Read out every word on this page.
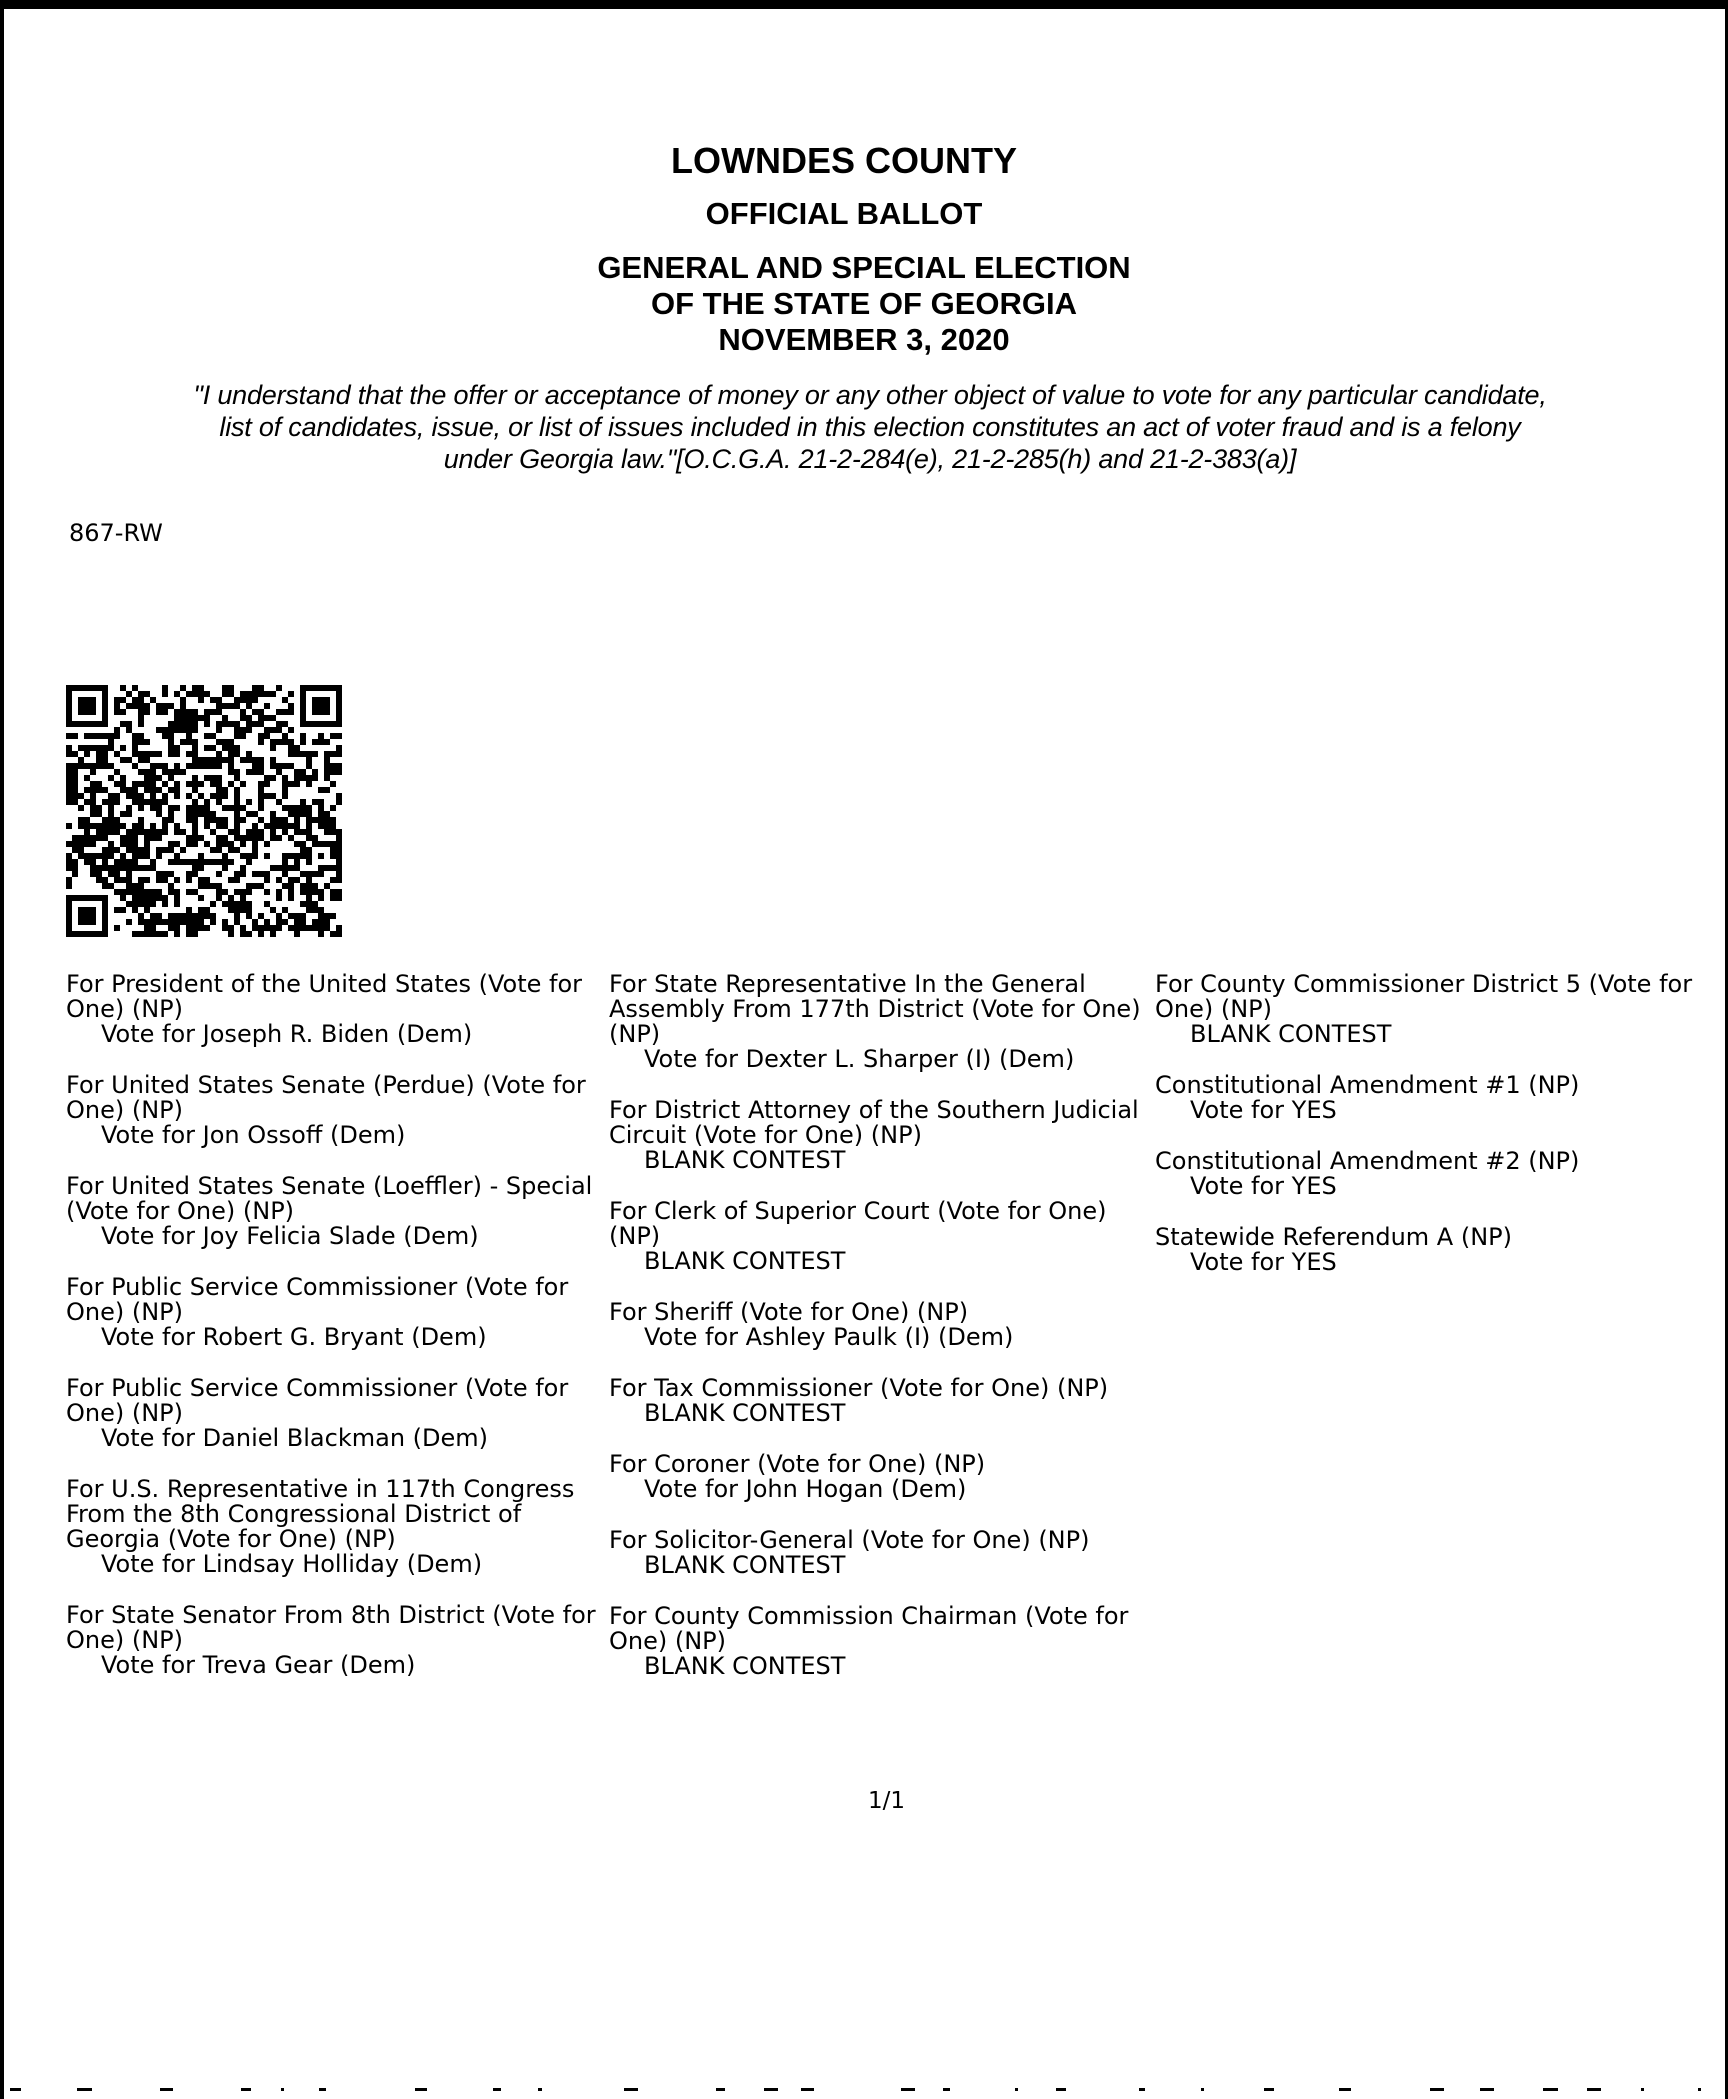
LOWNDES COUNTY
OFFICIAL BALLOT
GENERAL AND SPECIAL ELECTION
OF THE STATE OF GEORGIA
NOVEMBER 3, 2020
"I understand that the offer or acceptance of money or any other object of value to vote for any particular candidate,
list of candidates, issue, or list of issues included in this election constitutes an act of voter fraud and is a felony
under Georgia law."[O.C.G.A. 21-2-284(e), 21-2-285(h) and 21-2-383(a)]
867-RW
For President of the United States (Vote for One) (NP)
Vote for Joseph R. Biden (Dem)
For United States Senate (Perdue) (Vote for One) (NP)
Vote for Jon Ossoff (Dem)
For United States Senate (Loeffler) - Special (Vote for One) (NP)
Vote for Joy Felicia Slade (Dem)
For Public Service Commissioner (Vote for One) (NP)
Vote for Robert G. Bryant (Dem)
For Public Service Commissioner (Vote for One) (NP)
Vote for Daniel Blackman (Dem)
For U.S. Representative in 117th Congress From the 8th Congressional District of Georgia (Vote for One) (NP)
Vote for Lindsay Holliday (Dem)
For State Senator From 8th District (Vote for One) (NP)
Vote for Treva Gear (Dem)
For State Representative In the General Assembly From 177th District (Vote for One) (NP)
Vote for Dexter L. Sharper (I) (Dem)
For District Attorney of the Southern Judicial Circuit (Vote for One) (NP)
BLANK CONTEST
For Clerk of Superior Court (Vote for One) (NP)
BLANK CONTEST
For Sheriff (Vote for One) (NP)
Vote for Ashley Paulk (I) (Dem)
For Tax Commissioner (Vote for One) (NP)
BLANK CONTEST
For Coroner (Vote for One) (NP)
Vote for John Hogan (Dem)
For Solicitor-General (Vote for One) (NP)
BLANK CONTEST
For County Commission Chairman (Vote for One) (NP)
BLANK CONTEST
For County Commissioner District 5 (Vote for One) (NP)
BLANK CONTEST
Constitutional Amendment #1 (NP)
Vote for YES
Constitutional Amendment #2 (NP)
Vote for YES
Statewide Referendum A (NP)
Vote for YES
1/1
